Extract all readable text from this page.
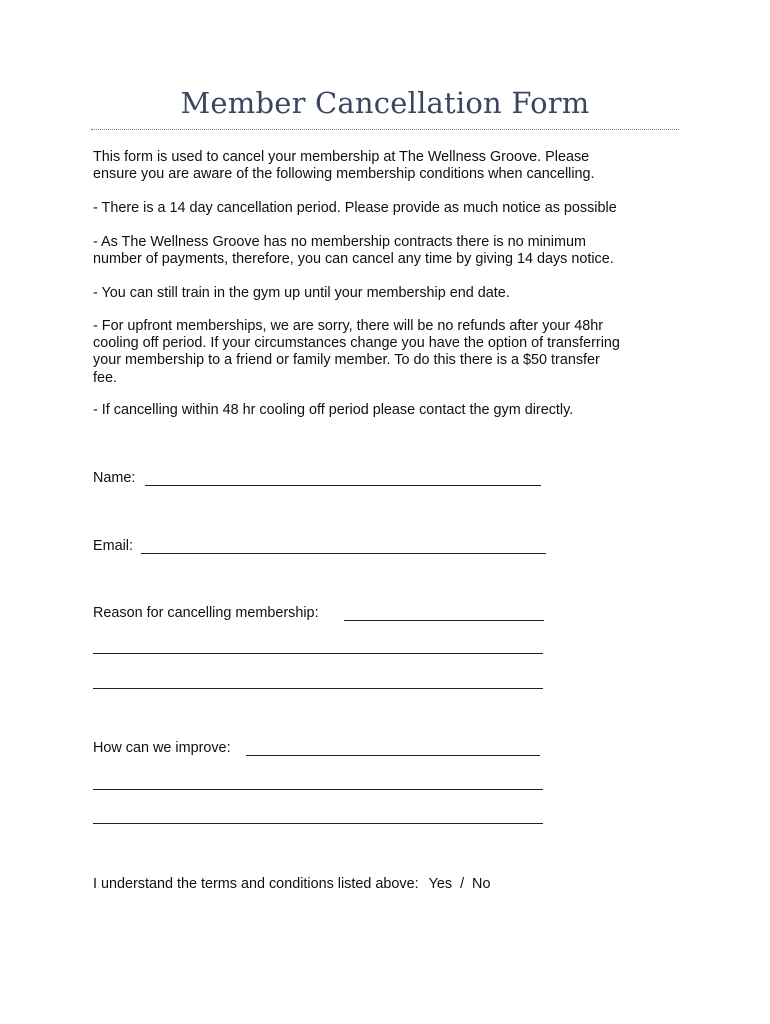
Member Cancellation Form

This form is used to cancel your membership at The Wellness Groove. Please
ensure you are aware of the following membership conditions when cancelling.

- There is a 14 day cancellation period. Please provide as much notice as possible

- As The Wellness Groove has no membership contracts there is no minimum
number of payments, therefore, you can cancel any time by giving 14 days notice.

- You can still train in the gym up until your membership end date.

- For upfront memberships, we are sorry, there will be no refunds after your 48hr
cooling off period. If your circumstances change you have the option of transferring
your membership to a friend or family member. To do this there is a $50 transfer
fee.

- If cancelling within 48 hr cooling off period please contact the gym directly.

Name:
Email:
Reason for cancelling membership:
How can we improve:
I understand the terms and conditions listed above: Yes  /  No
